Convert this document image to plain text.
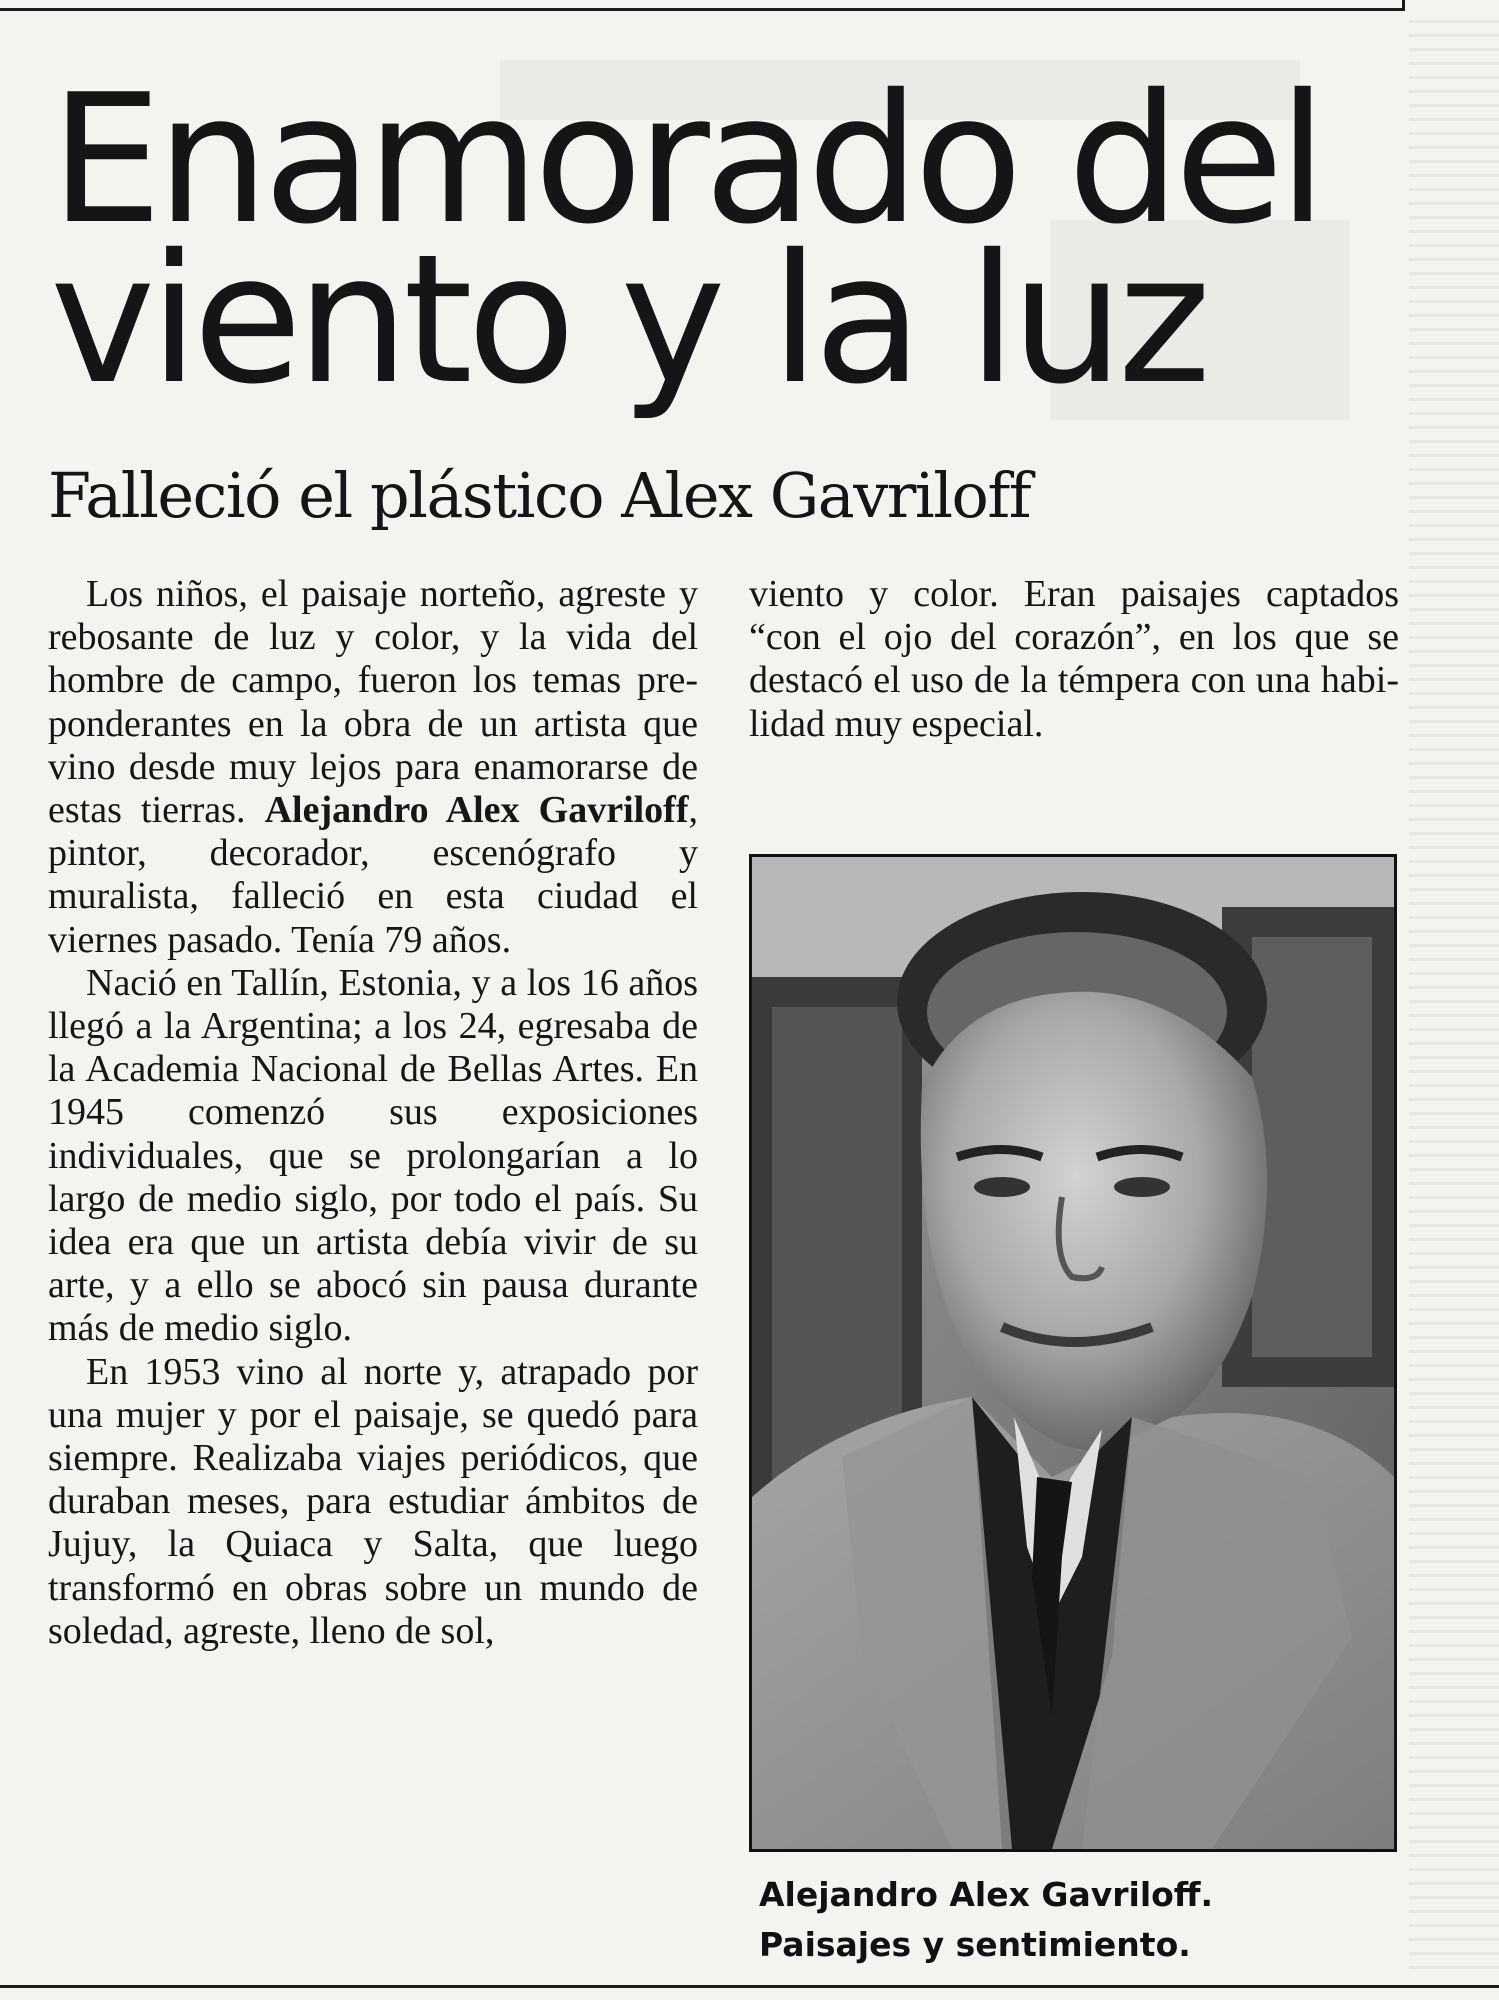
Enamorado del
viento y la luz
Falleció el plástico Alex Gavriloff

Los niños, el paisaje norteño, agreste y rebosante de luz y color, y la vida del hombre de campo, fueron los temas preponderantes en la obra de un artista que vino desde muy lejos para enamorarse de estas tierras. Alejandro Alex Gavriloff, pintor, decorador, escenógrafo y muralista, falleció en esta ciudad el viernes pasado. Tenía 79 años.

Nació en Tallín, Estonia, y a los 16 años llegó a la Argentina; a los 24, egresaba de la Academia Nacional de Bellas Artes. En 1945 comenzó sus exposiciones individuales, que se prolongarían a lo largo de medio siglo, por todo el país. Su idea era que un artista debía vivir de su arte, y a ello se abocó sin pausa durante más de medio siglo.

En 1953 vino al norte y, atrapado por una mujer y por el paisaje, se quedó para siempre. Realizaba viajes periódicos, que duraban meses, para estudiar ámbitos de Jujuy, la Quiaca y Salta, que luego transformó en obras sobre un mundo de soledad, agreste, lleno de sol,

viento y color. Eran paisajes captados “con el ojo del corazón”, en los que se destacó el uso de la témpera con una habilidad muy especial.

Alejandro Alex Gavriloff.
Paisajes y sentimiento.
